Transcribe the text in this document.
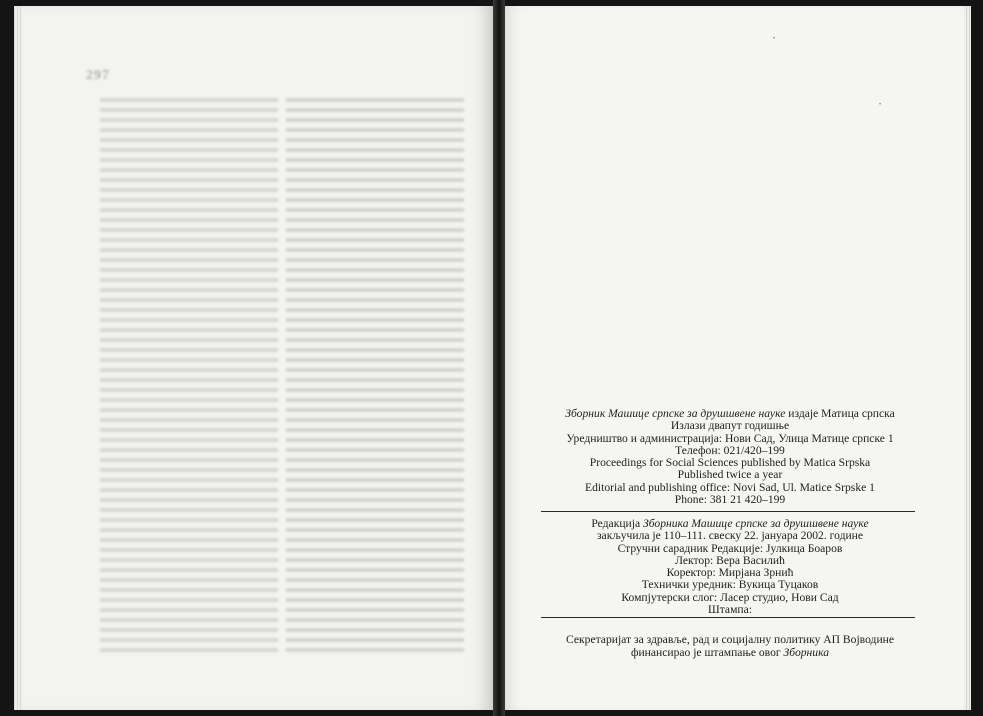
297
•
•
Зборник Машице српске за друшшвене науке издаје Матица српска
Излази двапут годишње
Уредништво и администрација: Нови Сад, Улица Матице српске 1
Телефон: 021/420–199
Proceedings for Social Sciences published by Matica Srpska
Published twice a year
Editorial and publishing office: Novi Sad, Ul. Matice Srpske 1
Phone: 381 21 420–199
Редакција Зборника Машице српске за друшшвене науке
закључила је 110–111. свеску 22. јануара 2002. године
Стручни сарадник Редакције: Јулкица Боаров
Лектор: Вера Василић
Коректор: Мирјана Зрнић
Технички уредник: Вукица Туцаков
Компјутерски слог: Ласер студио, Нови Сад
Штампа:
Секретаријат за здравље, рад и социјалну политику АП Војводине
финансирао је штампање овог Зборника
